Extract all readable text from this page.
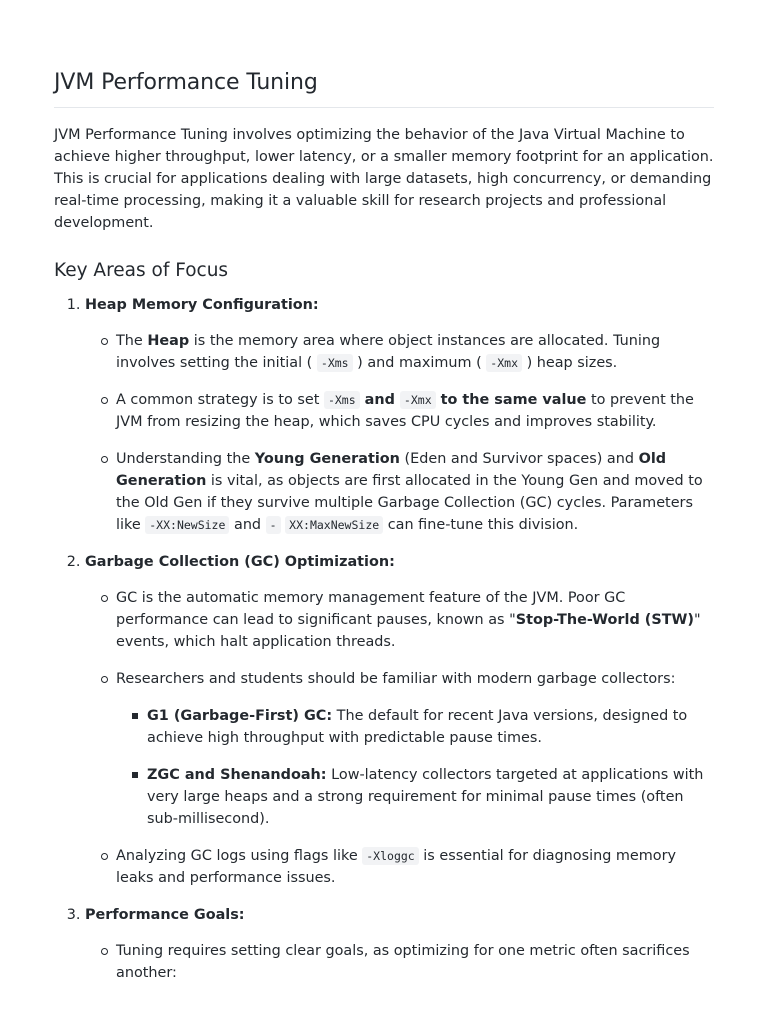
JVM Performance Tuning

JVM Performance Tuning involves optimizing the behavior of the Java Virtual Machine to achieve higher throughput, lower latency, or a smaller memory footprint for an application. This is crucial for applications dealing with large datasets, high concurrency, or demanding real-time processing, making it a valuable skill for research projects and professional development.

Key Areas of Focus
1. Heap Memory Configuration:
The Heap is the memory area where object instances are allocated. Tuning involves setting the initial ( -Xms ) and maximum ( -Xmx ) heap sizes.
A common strategy is to set -Xms and -Xmx to the same value to prevent the JVM from resizing the heap, which saves CPU cycles and improves stability.
Understanding the Young Generation (Eden and Survivor spaces) and Old Generation is vital, as objects are first allocated in the Young Gen and moved to the Old Gen if they survive multiple Garbage Collection (GC) cycles. Parameters like -XX:NewSize and - XX:MaxNewSize can fine-tune this division.
2. Garbage Collection (GC) Optimization:
GC is the automatic memory management feature of the JVM. Poor GC performance can lead to significant pauses, known as "Stop-The-World (STW)" events, which halt application threads.
Researchers and students should be familiar with modern garbage collectors:
G1 (Garbage-First) GC: The default for recent Java versions, designed to achieve high throughput with predictable pause times.
ZGC and Shenandoah: Low-latency collectors targeted at applications with very large heaps and a strong requirement for minimal pause times (often sub-millisecond).
Analyzing GC logs using flags like -Xloggc is essential for diagnosing memory leaks and performance issues.
3. Performance Goals:
Tuning requires setting clear goals, as optimizing for one metric often sacrifices another:
